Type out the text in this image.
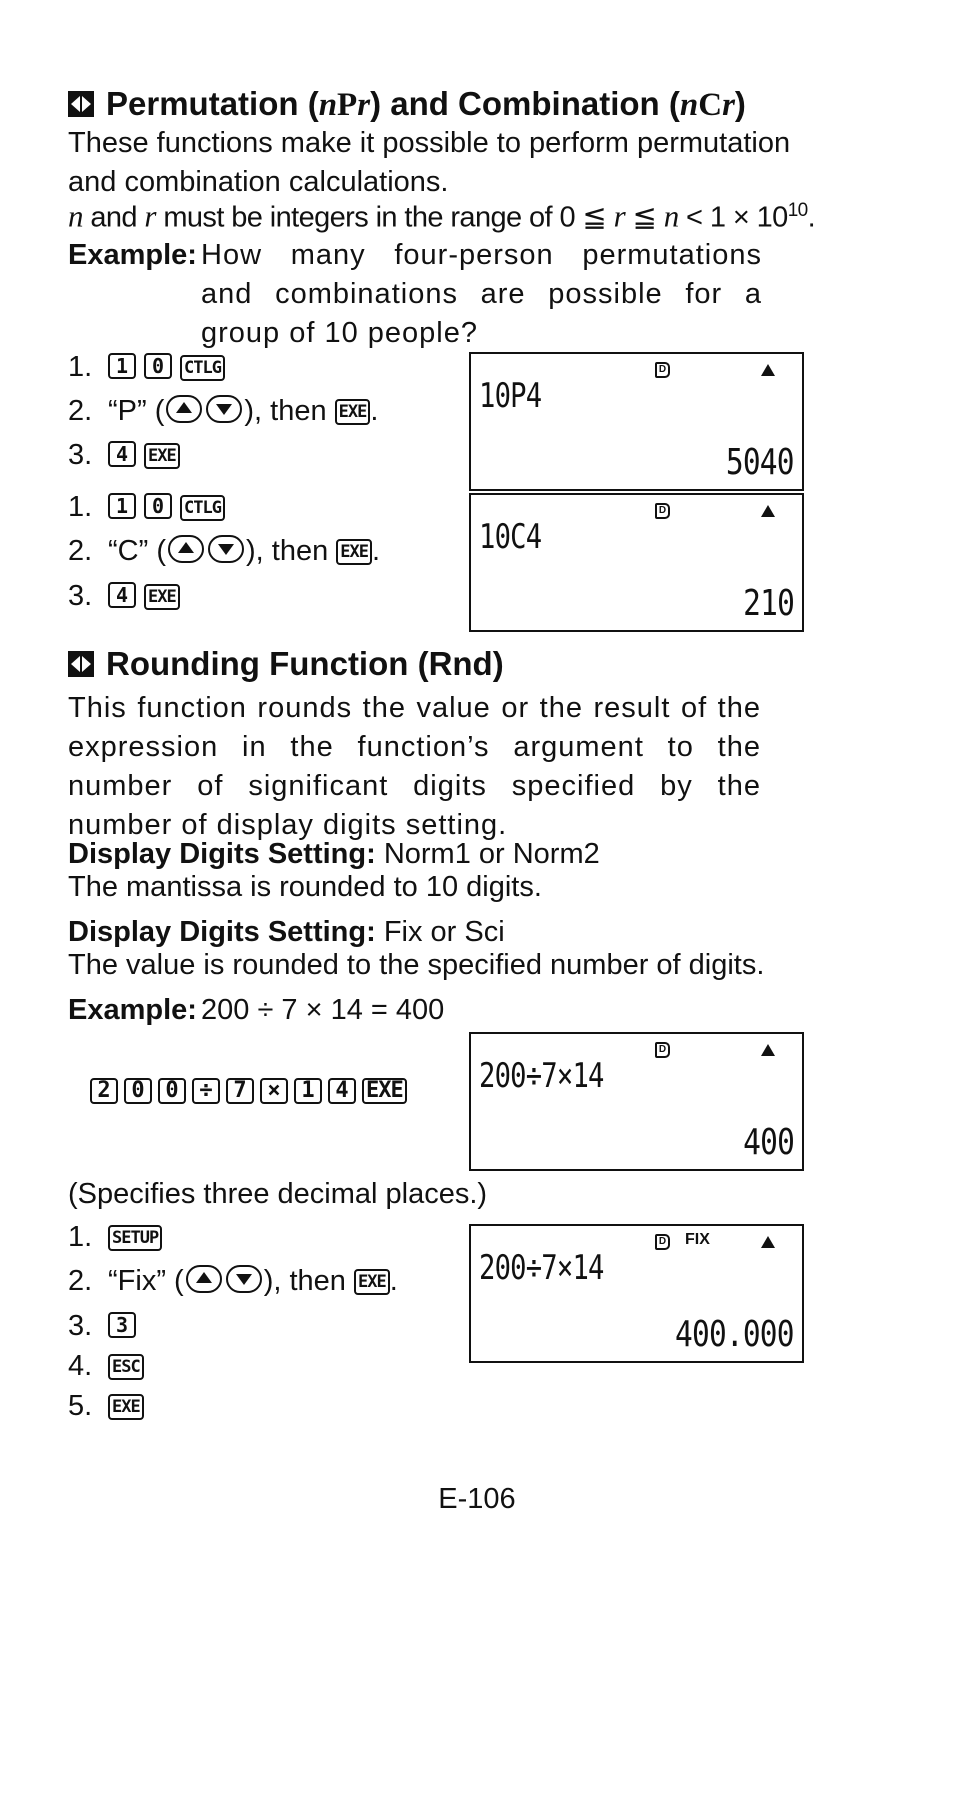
Permutation (nPr) and Combination (nCr)
These functions make it possible to perform permutation
and combination calculations.
n and r must be integers in the range of 0 ≦ r ≦ $n < 1 \times 10^{10}$.
Example: How many four-person permutations and combinations are possible for a group of 10 people?
1. 1 0 CTLG
2. “P” (	), then EXE .
3. 4 EXE
D
10P4
5040
1. 1 0 CTLG
2. “C” (	), then EXE .
3. 4 EXE
D
10C4
210
Rounding Function (Rnd)
This function rounds the value or the result of the expression in the function’s argument to the number of significant digits specified by the number of display digits setting.
Display Digits Setting: Norm1 or Norm2
The mantissa is rounded to 10 digits.
Display Digits Setting: Fix or Sci
The value is rounded to the specified number of digits.
Example: 200 ÷ 7 × 14 = 400
2 0 0 ÷ 7 × 1 4 EXE
D
200÷7×14
400
(Specifies three decimal places.)
1. SETUP
2. “Fix” (	), then EXE .
3. 3
4. ESC
5. EXE
D FIX
200÷7×14
400.000
E-106
